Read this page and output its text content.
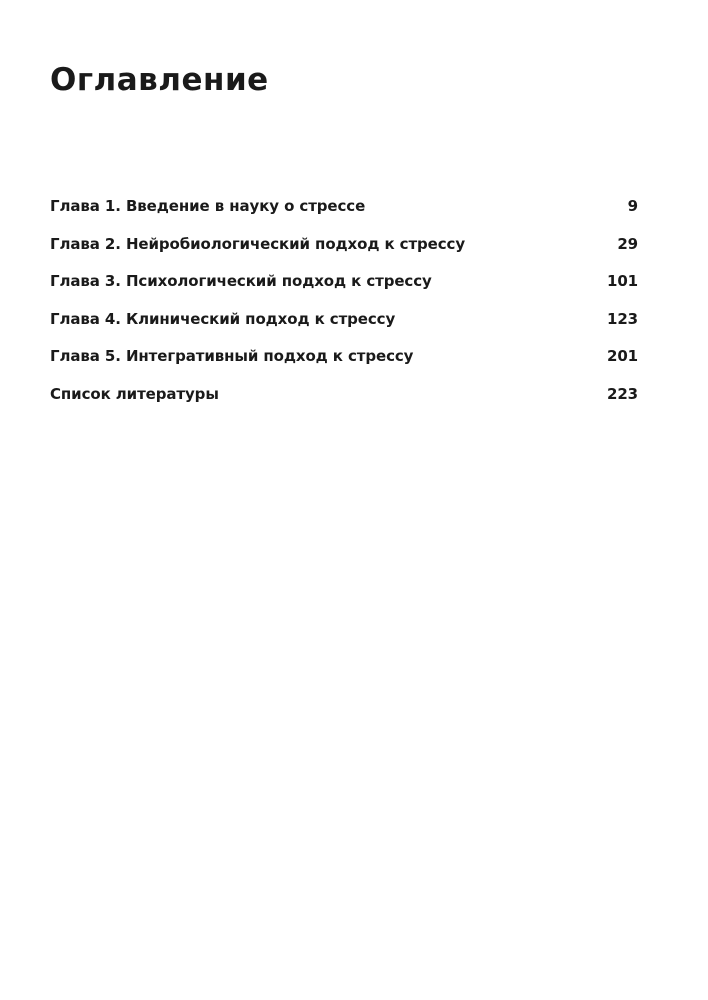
Оглавление
Глава 1. Введение в науку о стрессе	9
Глава 2. Нейробиологический подход к стрессу	29
Глава 3. Психологический подход к стрессу	101
Глава 4. Клинический подход к стрессу	123
Глава 5. Интегративный подход к стрессу	201
Список литературы	223
